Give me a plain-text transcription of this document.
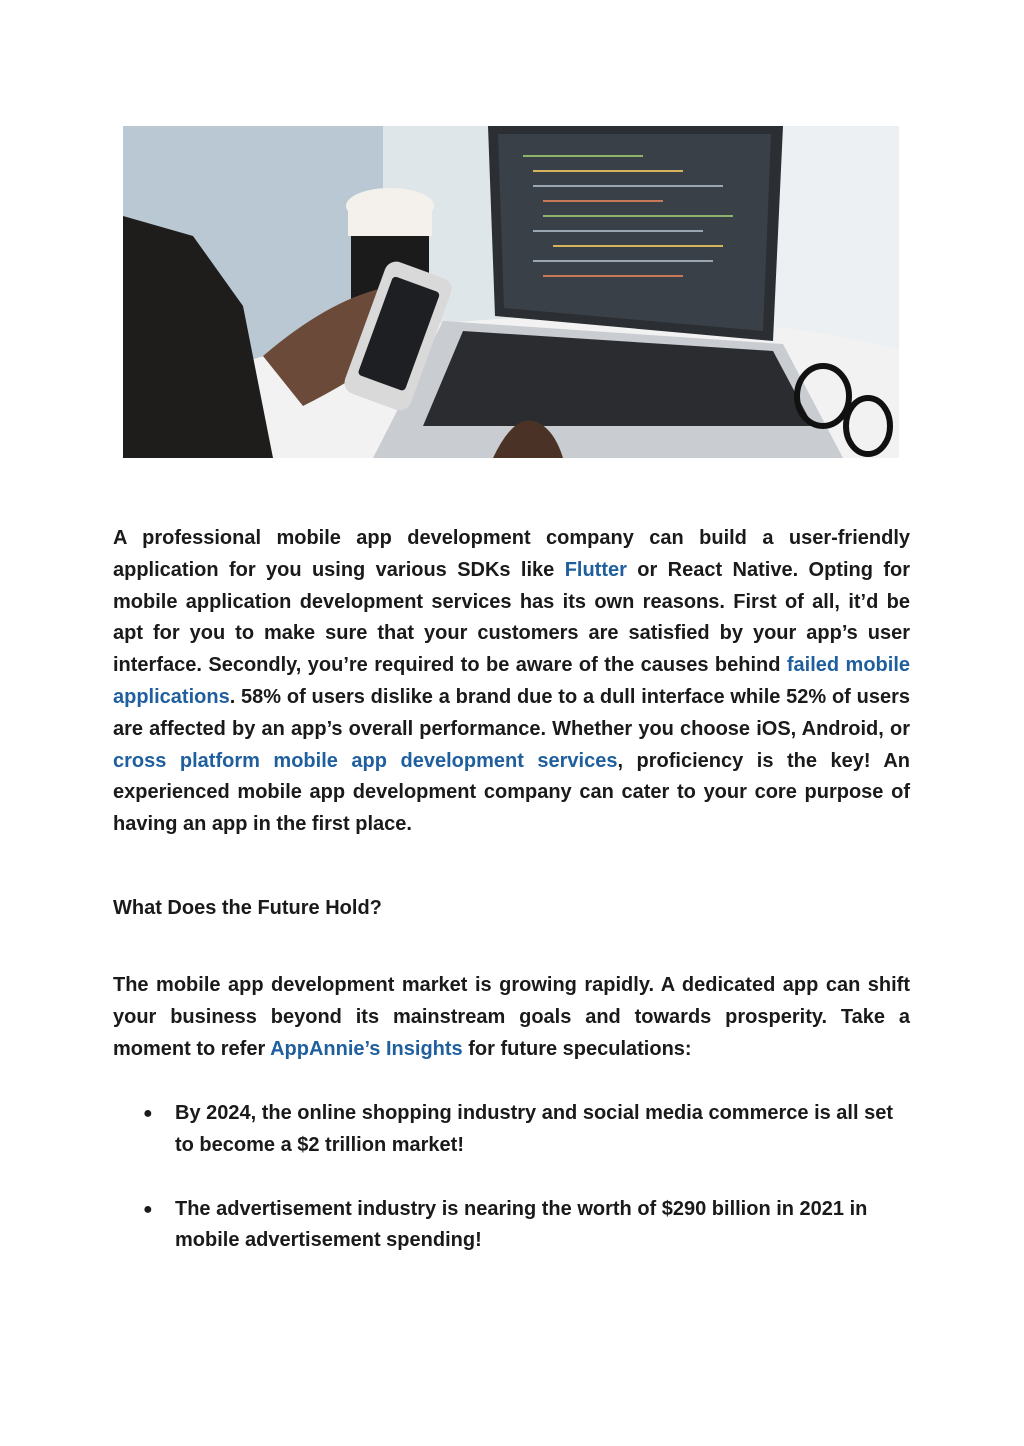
A professional mobile app development company can build a user-friendly application for you using various SDKs like Flutter or React Native. Opting for mobile application development services has its own reasons. First of all, it’d be apt for you to make sure that your customers are satisfied by your app’s user interface. Secondly, you’re required to be aware of the causes behind failed mobile applications. 58% of users dislike a brand due to a dull interface while 52% of users are affected by an app’s overall performance. Whether you choose iOS, Android, or cross platform mobile app development services, proficiency is the key! An experienced mobile app development company can cater to your core purpose of having an app in the first place.

What Does the Future Hold?

The mobile app development market is growing rapidly. A dedicated app can shift your business beyond its mainstream goals and towards prosperity. Take a moment to refer AppAnnie’s Insights for future speculations:

● By 2024, the online shopping industry and social media commerce is all set to become a $2 trillion market!
● The advertisement industry is nearing the worth of $290 billion in 2021 in mobile advertisement spending!
